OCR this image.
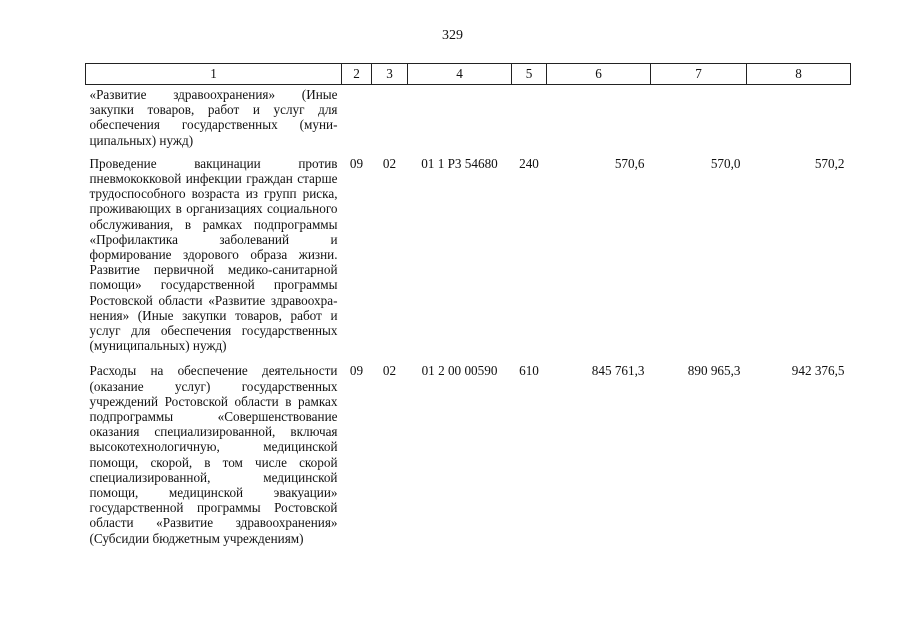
329
1	2	3	4	5	6	7	8
«Развитие здравоохранения» (Иные закупки товаров, работ и услуг для обеспечения государственных (муниципальных) нужд)							
Проведение вакцинации против пневмококковой инфекции граждан старше трудоспособного возраста из групп риска, проживающих в организациях социального обслуживания, в рамках подпрограммы «Профилактика заболеваний и формирование здорового образа жизни. Развитие первичной медико-санитарной помощи» государственной программы Ростовской области «Развитие здравоохранения» (Иные закупки товаров, работ и услуг для обеспечения государственных (муниципальных) нужд)	09	02	01 1 P3 54680	240	570,6	570,0	570,2
Расходы на обеспечение деятельности (оказание услуг) государственных учреждений Ростовской области в рамках подпрограммы «Совершенствование оказания специализированной, включая высокотехнологичную, медицинской помощи, скорой, в том числе скорой специализированной, медицинской помощи, медицинской эвакуации» государственной программы Ростовской области «Развитие здравоохранения» (Субсидии бюджетным учреждениям)	09	02	01 2 00 00590	610	845 761,3	890 965,3	942 376,5
